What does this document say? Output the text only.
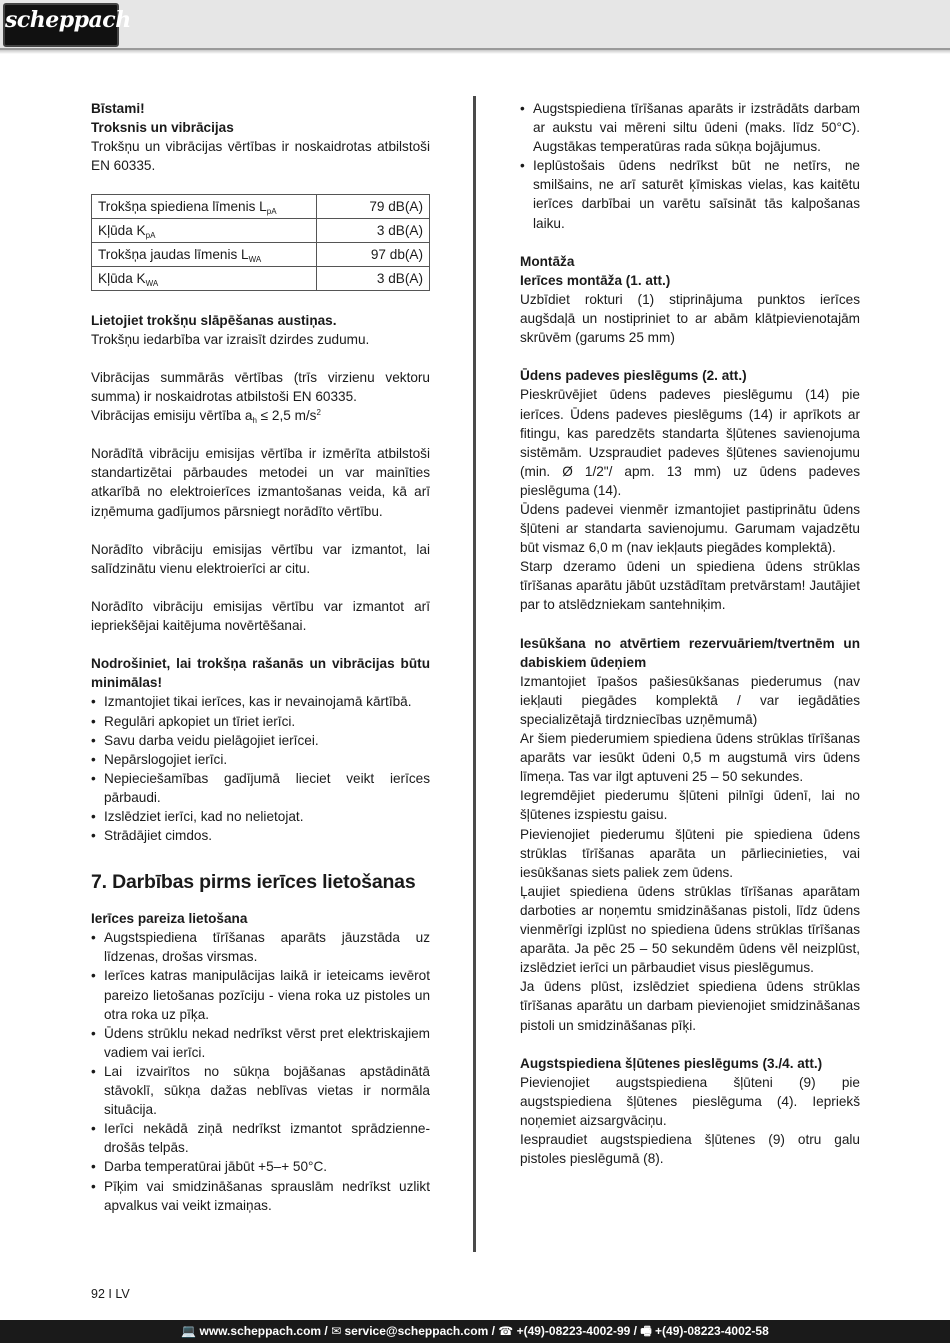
scheppach

Bīstami!

Troksnis un vibrācijas

Trokšņu un vibrācijas vērtības ir noskaidrotas atbilstoši EN 60335.

Trokšņa spiediena līmenis $L_{pA}$	79 dB(A)
Kļūda $K_{pA}$	3 dB(A)
Trokšņa jaudas līmenis $L_{WA}$	97 db(A)
Kļūda $K_{WA}$	3 dB(A)

Lietojiet trokšņu slāpēšanas austiņas.

Trokšņu iedarbība var izraisīt dzirdes zudumu.

Vibrācijas summārās vērtības (trīs virzienu vektoru summa) ir noskaidrotas atbilstoši EN 60335.

Vibrācijas emisiju vērtība $a_h \le 2,5$ $m/s^2$

Norādītā vibrāciju emisijas vērtība ir izmērīta atbilstoši standartizētai pārbaudes metodei un var mainīties atkarībā no elektroierīces izmantošanas veida, kā arī izņēmuma gadījumos pārsniegt norādīto vērtību.

Norādīto vibrāciju emisijas vērtību var izmantot, lai salīdzinātu vienu elektroierīci ar citu.

Norādīto vibrāciju emisijas vērtību var izmantot arī iepriekšējai kaitējuma novērtēšanai.

Nodrošiniet, lai trokšņa rašanās un vibrācijas būtu minimālas!

• Izmantojiet tikai ierīces, kas ir nevainojamā kārtībā.
• Regulāri apkopiet un tīriet ierīci.
• Savu darba veidu pielāgojiet ierīcei.
• Nepārslogojiet ierīci.
• Nepieciešamības gadījumā lieciet veikt ierīces pārbaudi.
• Izslēdziet ierīci, kad no nelietojat.
• Strādājiet cimdos.
7. Darbības pirms ierīces lietošanas

Ierīces pareiza lietošana

• Augstspiediena tīrīšanas aparāts jāuzstāda uz līdzenas, drošas virsmas.
• Ierīces katras manipulācijas laikā ir ieteicams ievērot pareizo lietošanas pozīciju - viena roka uz pistoles un otra roka uz pīķa.
• Ūdens strūklu nekad nedrīkst vērst pret elektriskajiem vadiem vai ierīci.
• Lai izvairītos no sūkņa bojāšanas apstādinātā stāvoklī, sūkņa dažas neblīvas vietas ir normāla situācija.
• Ierīci nekādā ziņā nedrīkst izmantot sprādziennedrošās telpās.
• Darba temperatūrai jābūt +5–+ 50°C.
• Pīķim vai smidzināšanas sprauslām nedrīkst uzlikt apvalkus vai veikt izmaiņas.
• Augstspiediena tīrīšanas aparāts ir izstrādāts darbam ar aukstu vai mēreni siltu ūdeni (maks. līdz 50°C). Augstākas temperatūras rada sūkņa bojājumus.
• Ieplūstošais ūdens nedrīkst būt ne netīrs, ne smilšains, ne arī saturēt ķīmiskas vielas, kas kaitētu ierīces darbībai un varētu saīsināt tās kalpošanas laiku.

Montāža

Ierīces montāža (1. att.)

Uzbīdiet rokturi (1) stiprinājuma punktos ierīces augšdaļā un nostipriniet to ar abām klātpievienotajām skrūvēm (garums 25 mm)

Ūdens padeves pieslēgums (2. att.)

Pieskrūvējiet ūdens padeves pieslēgumu (14) pie ierīces. Ūdens padeves pieslēgums (14) ir aprīkots ar fitingu, kas paredzēts standarta šļūtenes savienojuma sistēmām. Uzspraudiet padeves šļūtenes savienojumu (min. Ø 1/2"/ apm. 13 mm) uz ūdens padeves pieslēguma (14).

Ūdens padevei vienmēr izmantojiet pastiprinātu ūdens šļūteni ar standarta savienojumu. Garumam vajadzētu būt vismaz 6,0 m (nav iekļauts piegādes komplektā).

Starp dzeramo ūdeni un spiediena ūdens strūklas tīrīšanas aparātu jābūt uzstādītam pretvārstam! Jautājiet par to atslēdzniekam santehniķim.

Iesūkšana no atvērtiem rezervuāriem/tvertnēm un dabiskiem ūdeņiem

Izmantojiet īpašos pašiesūkšanas piederumus (nav iekļauti piegādes komplektā / var iegādāties specializētajā tirdzniecības uzņēmumā)

Ar šiem piederumiem spiediena ūdens strūklas tīrīšanas aparāts var iesūkt ūdeni 0,5 m augstumā virs ūdens līmeņa. Tas var ilgt aptuveni 25 – 50 sekundes.

Iegremdējiet piederumu šļūteni pilnīgi ūdenī, lai no šļūtenes izspiestu gaisu.

Pievienojiet piederumu šļūteni pie spiediena ūdens strūklas tīrīšanas aparāta un pārliecinieties, vai iesūkšanas siets paliek zem ūdens.

Ļaujiet spiediena ūdens strūklas tīrīšanas aparātam darboties ar noņemtu smidzināšanas pistoli, līdz ūdens vienmērīgi izplūst no spiediena ūdens strūklas tīrīšanas aparāta. Ja pēc 25 – 50 sekundēm ūdens vēl neizplūst, izslēdziet ierīci un pārbaudiet visus pieslēgumus.

Ja ūdens plūst, izslēdziet spiediena ūdens strūklas tīrīšanas aparātu un darbam pievienojiet smidzināšanas pistoli un smidzināšanas pīķi.

Augstspiediena šļūtenes pieslēgums (3./4. att.)

Pievienojiet augstspiediena šļūteni (9) pie augstspiediena šļūtenes pieslēguma (4). Iepriekš noņemiet aizsargvāciņu.

Iespraudiet augstspiediena šļūtenes (9) otru galu pistoles pieslēgumā (8).

92 I LV
💻 www.scheppach.com / ✉ service@scheppach.com / ☎ +(49)-08223-4002-99 / 🖷 +(49)-08223-4002-58
